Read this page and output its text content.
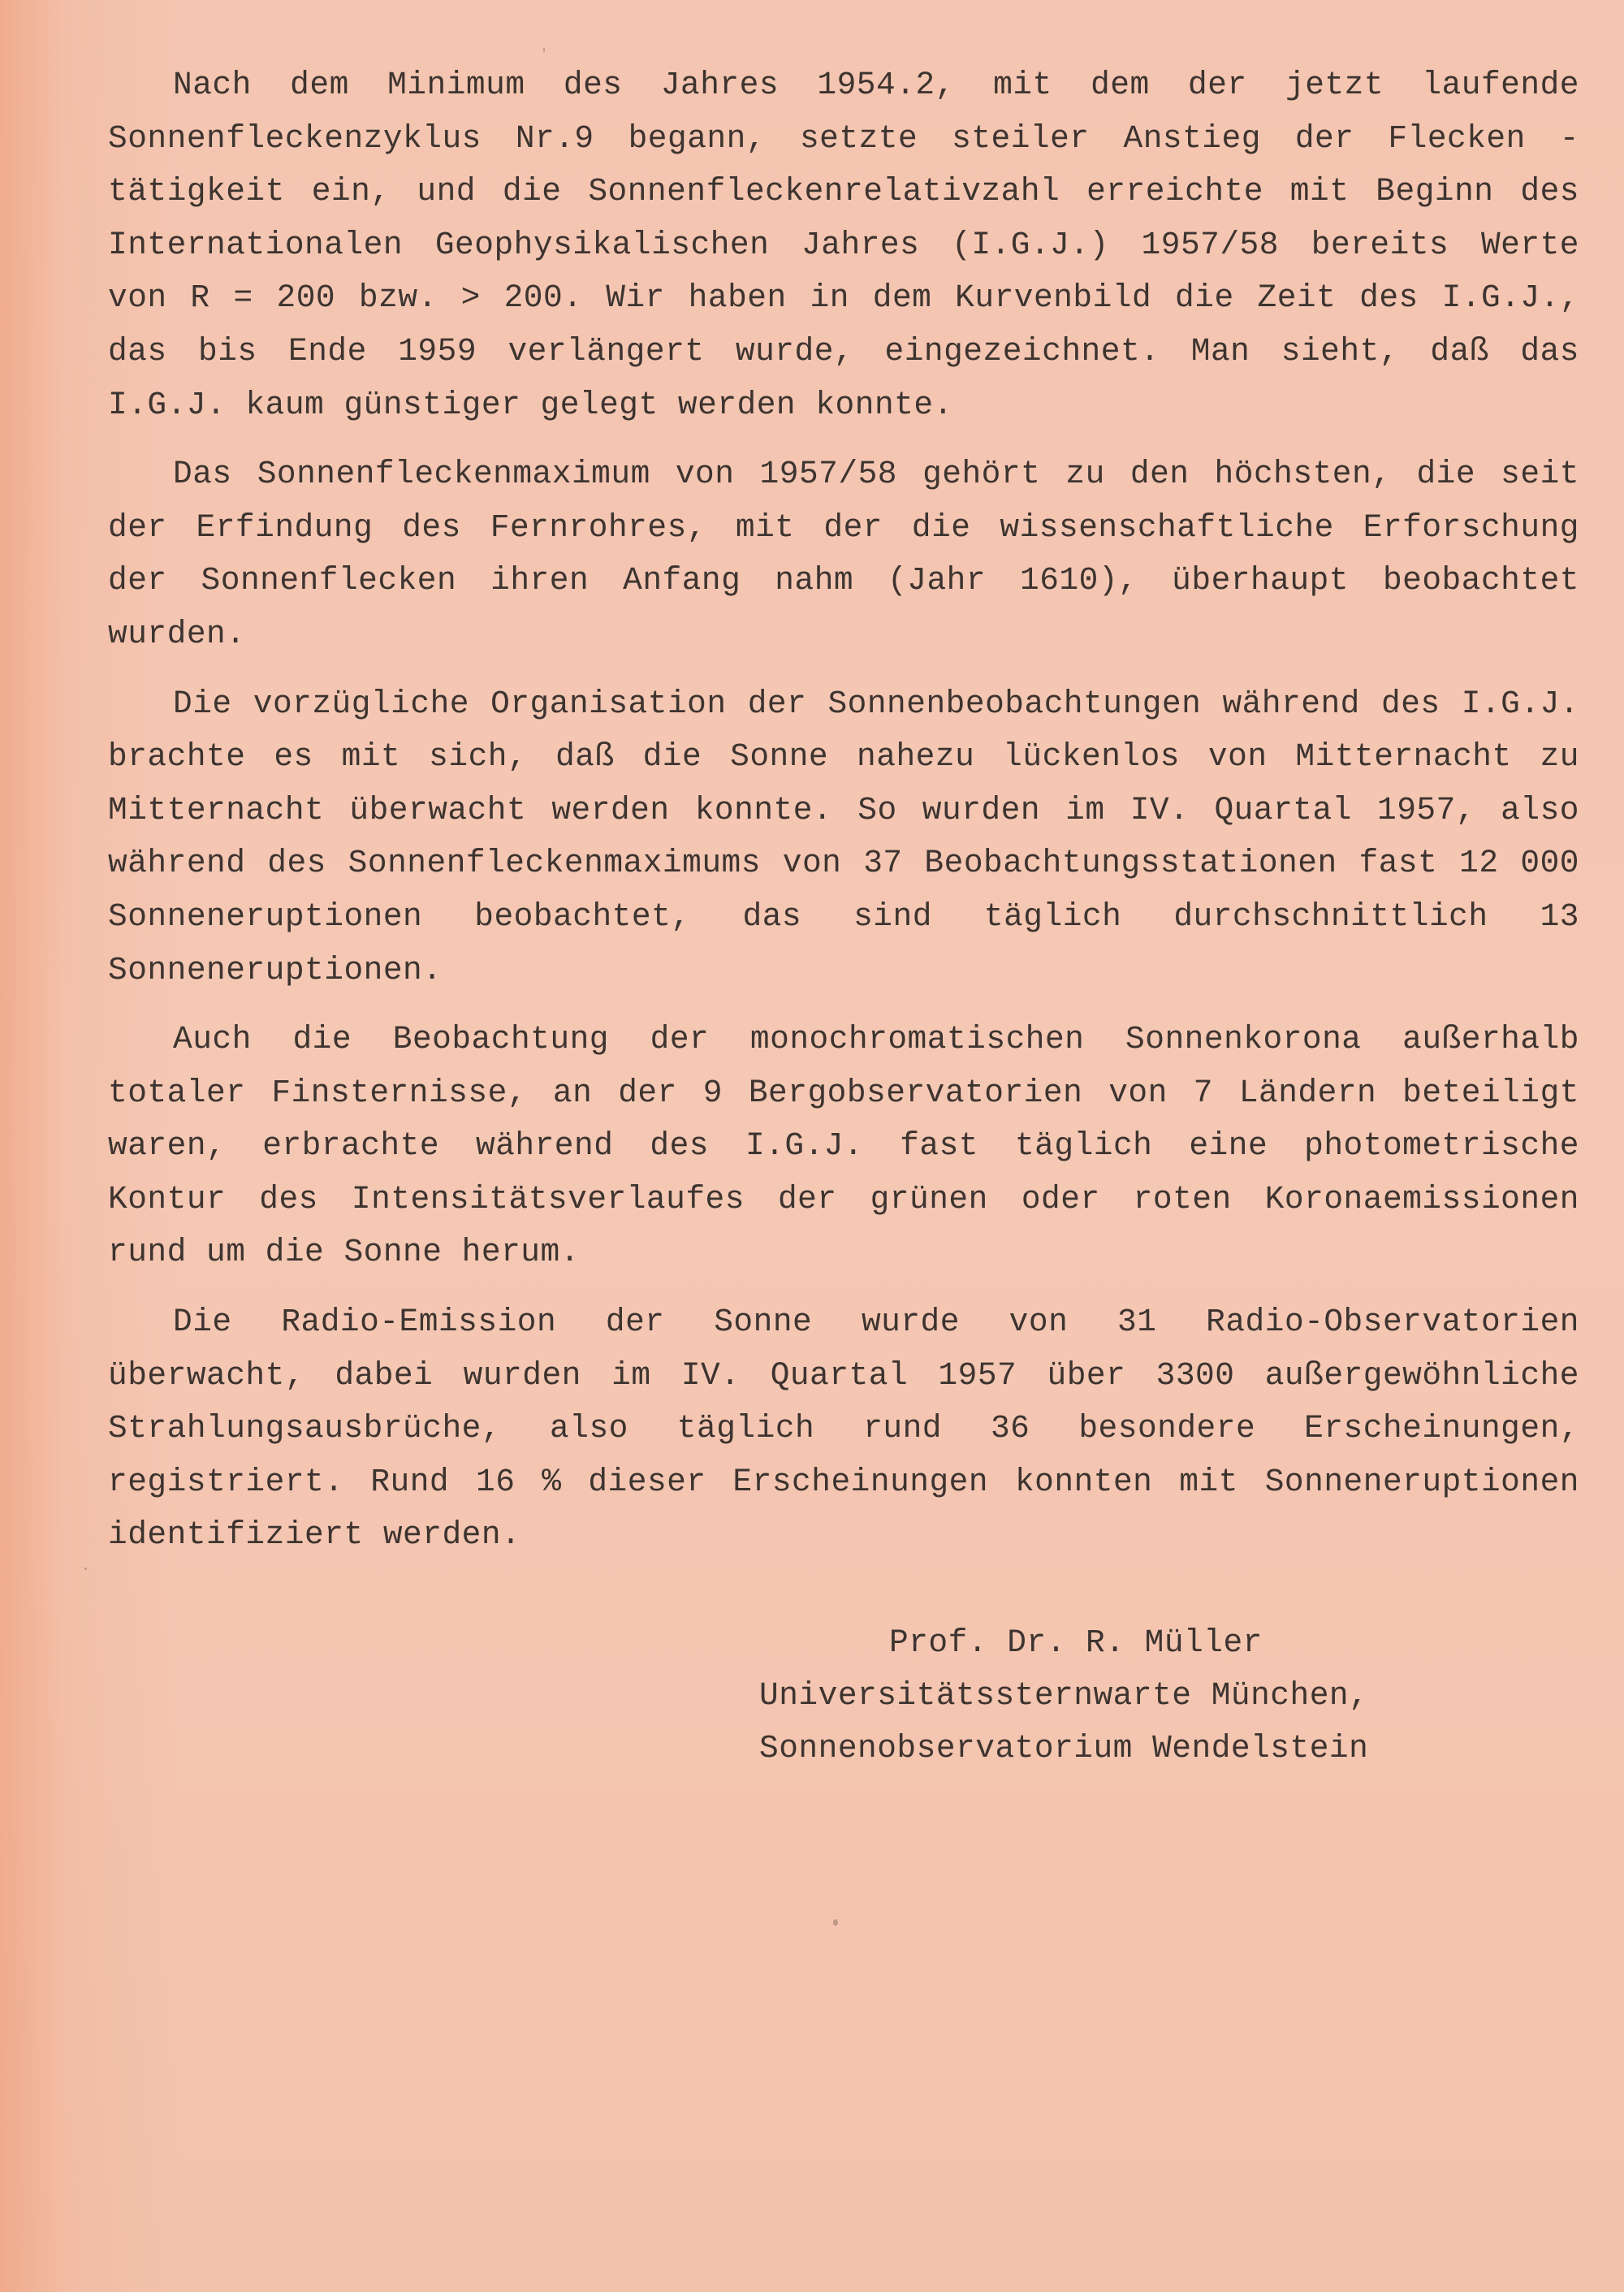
Nach dem Minimum des Jahres 1954.2, mit dem der jetzt laufende Sonnenfleckenzyklus Nr.9 begann, setzte steiler Anstieg der Flecken - tätigkeit ein, und die Sonnenfleckenrelativzahl erreichte mit Beginn des Internationalen Geophysikalischen Jahres (I.G.J.) 1957/58 bereits Werte von R = 200 bzw. > 200. Wir haben in dem Kurvenbild die Zeit des I.G.J., das bis Ende 1959 verlängert wurde, eingezeichnet. Man sieht, daß das I.G.J. kaum günstiger gelegt werden konnte.

Das Sonnenfleckenmaximum von 1957/58 gehört zu den höchsten, die seit der Erfindung des Fernrohres, mit der die wissenschaftliche Erforschung der Sonnenflecken ihren Anfang nahm (Jahr 1610), überhaupt beobachtet wurden.

Die vorzügliche Organisation der Sonnenbeobachtungen während des I.G.J. brachte es mit sich, daß die Sonne nahezu lückenlos von Mitternacht zu Mitternacht überwacht werden konnte. So wurden im IV. Quartal 1957, also während des Sonnenfleckenmaximums von 37 Beobachtungsstationen fast 12 000 Sonneneruptionen beobachtet, das sind täglich durchschnittlich 13 Sonneneruptionen.

Auch die Beobachtung der monochromatischen Sonnenkorona außerhalb totaler Finsternisse, an der 9 Bergobservatorien von 7 Ländern beteiligt waren, erbrachte während des I.G.J. fast täglich eine photometrische Kontur des Intensitätsverlaufes der grünen oder roten Koronaemissionen rund um die Sonne herum.

Die Radio-Emission der Sonne wurde von 31 Radio-Observatorien überwacht, dabei wurden im IV. Quartal 1957 über 3300 außergewöhnliche Strahlungsausbrüche, also täglich rund 36 besondere Erscheinungen, registriert. Rund 16 % dieser Erscheinungen konnten mit Sonneneruptionen identifiziert werden.

Prof. Dr. R. Müller
Universitätssternwarte München,
Sonnenobservatorium Wendelstein
